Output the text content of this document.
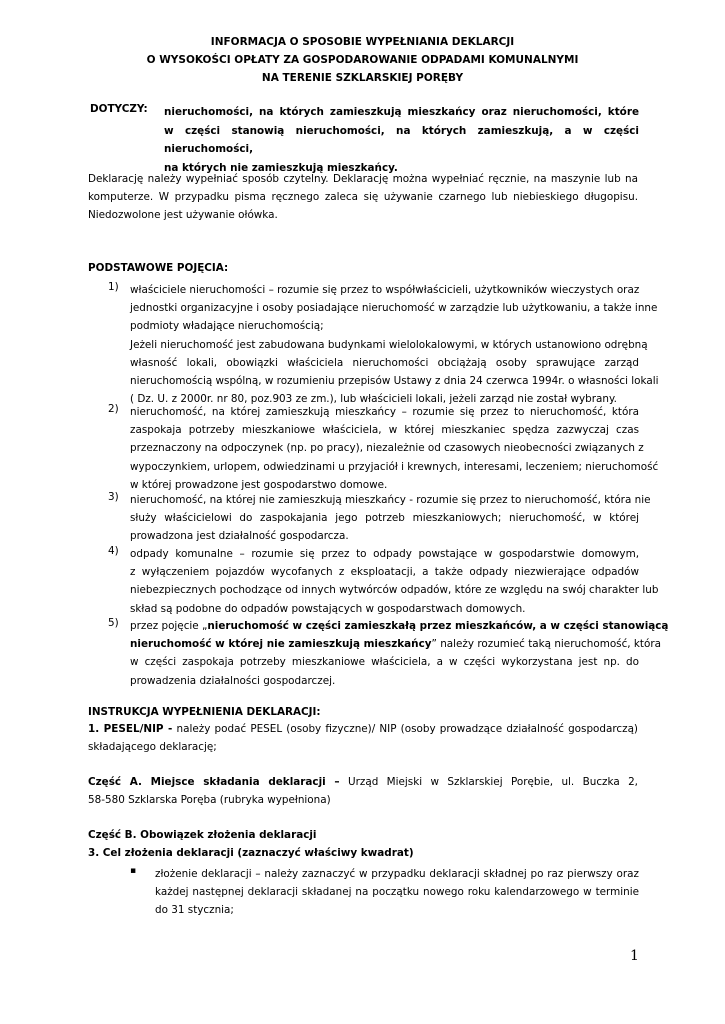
INFORMACJA O SPOSOBIE WYPEŁNIANIA DEKLARCJI
O WYSOKOŚCI OPŁATY ZA GOSPODAROWANIE ODPADAMI KOMUNALNYMI
NA TERENIE SZKLARSKIEJ PORĘBY
DOTYCZY: nieruchomości, na których zamieszkują mieszkańcy oraz nieruchomości, które
w części stanowią nieruchomości, na których zamieszkują, a w części nieruchomości,
na których nie zamieszkują mieszkańcy.
Deklarację należy wypełniać sposób czytelny. Deklarację można wypełniać ręcznie, na maszynie lub na
komputerze. W przypadku pisma ręcznego zaleca się używanie czarnego lub niebieskiego długopisu.
Niedozwolone jest używanie ołówka.
PODSTAWOWE POJĘCIA:
1) właściciele nieruchomości – rozumie się przez to współwłaścicieli, użytkowników wieczystych oraz
jednostki organizacyjne i osoby posiadające nieruchomość w zarządzie lub użytkowaniu, a także inne
podmioty władające nieruchomością;
Jeżeli nieruchomość jest zabudowana budynkami wielolokalowymi, w których ustanowiono odrębną
własność lokali, obowiązki właściciela nieruchomości obciążają osoby sprawujące zarząd
nieruchomością wspólną, w rozumieniu przepisów Ustawy z dnia 24 czerwca 1994r. o własności lokali
( Dz. U. z 2000r. nr 80, poz.903 ze zm.), lub właścicieli lokali, jeżeli zarząd nie został wybrany.
2) nieruchomość, na której zamieszkują mieszkańcy – rozumie się przez to nieruchomość, która
zaspokaja potrzeby mieszkaniowe właściciela, w której mieszkaniec spędza zazwyczaj czas
przeznaczony na odpoczynek (np. po pracy), niezależnie od czasowych nieobecności związanych z
wypoczynkiem, urlopem, odwiedzinami u przyjaciół i krewnych, interesami, leczeniem; nieruchomość
w której prowadzone jest gospodarstwo domowe.
3) nieruchomość, na której nie zamieszkują mieszkańcy - rozumie się przez to nieruchomość, która nie
służy właścicielowi do zaspokajania jego potrzeb mieszkaniowych; nieruchomość, w której
prowadzona jest działalność gospodarcza.
4) odpady komunalne – rozumie się przez to odpady powstające w gospodarstwie domowym,
z wyłączeniem pojazdów wycofanych z eksploatacji, a także odpady niezwierające odpadów
niebezpiecznych pochodzące od innych wytwórców odpadów, które ze względu na swój charakter lub
skład są podobne do odpadów powstających w gospodarstwach domowych.
5) przez pojęcie „nieruchomość w części zamieszkałą przez mieszkańców, a w części stanowiącą
nieruchomość w której nie zamieszkują mieszkańcy” należy rozumieć taką nieruchomość, która
w części zaspokaja potrzeby mieszkaniowe właściciela, a w części wykorzystana jest np. do
prowadzenia działalności gospodarczej.
INSTRUKCJA WYPEŁNIENIA DEKLARACJI:
1. PESEL/NIP - należy podać PESEL (osoby fizyczne)/ NIP (osoby prowadzące działalność gospodarczą)
składającego deklarację;
Część A. Miejsce składania deklaracji – Urząd Miejski w Szklarskiej Porębie, ul. Buczka 2,
58-580 Szklarska Poręba (rubryka wypełniona)
Część B. Obowiązek złożenia deklaracji
3. Cel złożenia deklaracji (zaznaczyć właściwy kwadrat)
▪ złożenie deklaracji – należy zaznaczyć w przypadku deklaracji składnej po raz pierwszy oraz
każdej następnej deklaracji składanej na początku nowego roku kalendarzowego w terminie
do 31 stycznia;
1
